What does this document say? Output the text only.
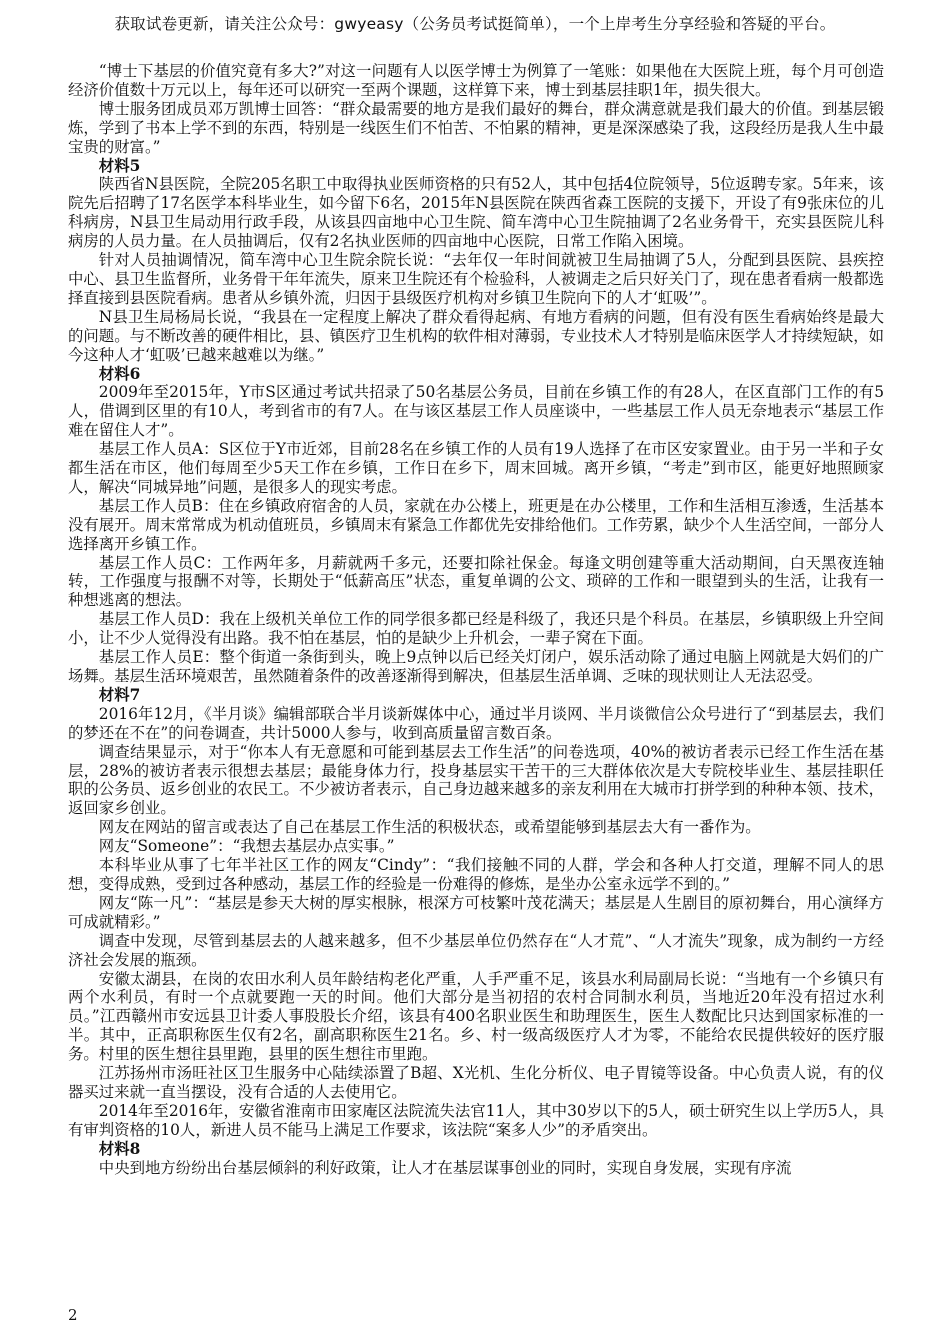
获取试卷更新，请关注公众号：gwyeasy（公务员考试挺简单），一个上岸考生分享经验和答疑的平台。

“博士下基层的价值究竟有多大?”对这一问题有人以医学博士为例算了一笔账：如果他在大医院上班，每个月可创造经济价值数十万元以上，每年还可以研究一至两个课题，这样算下来，博士到基层挂职1年，损失很大。

博士服务团成员邓万凯博士回答：“群众最需要的地方是我们最好的舞台，群众满意就是我们最大的价值。到基层锻炼，学到了书本上学不到的东西，特别是一线医生们不怕苦、不怕累的精神，更是深深感染了我，这段经历是我人生中最宝贵的财富。”

材料5

陕西省N县医院，全院205名职工中取得执业医师资格的只有52人，其中包括4位院领导，5位返聘专家。5年来，该院先后招聘了17名医学本科毕业生，如今留下6名，2015年N县医院在陕西省森工医院的支援下，开设了有9张床位的儿科病房，N县卫生局动用行政手段，从该县四亩地中心卫生院、简车湾中心卫生院抽调了2名业务骨干，充实县医院儿科病房的人员力量。在人员抽调后，仅有2名执业医师的四亩地中心医院，日常工作陷入困境。

针对人员抽调情况，简车湾中心卫生院余院长说：“去年仅一年时间就被卫生局抽调了5人，分配到县医院、县疾控中心、县卫生监督所，业务骨干年年流失，原来卫生院还有个检验科，人被调走之后只好关门了，现在患者看病一般都选择直接到县医院看病。患者从乡镇外流，归因于县级医疗机构对乡镇卫生院向下的人才‘虹吸’”。

N县卫生局杨局长说，“我县在一定程度上解决了群众看得起病、有地方看病的问题，但有没有医生看病始终是最大的问题。与不断改善的硬件相比，县、镇医疗卫生机构的软件相对薄弱，专业技术人才特别是临床医学人才持续短缺，如今这种人才‘虹吸’已越来越难以为继。”

材料6

2009年至2015年，Y市S区通过考试共招录了50名基层公务员，目前在乡镇工作的有28人，在区直部门工作的有5人，借调到区里的有10人，考到省市的有7人。在与该区基层工作人员座谈中，一些基层工作人员无奈地表示“基层工作难在留住人才”。

基层工作人员A：S区位于Y市近郊，目前28名在乡镇工作的人员有19人选择了在市区安家置业。由于另一半和子女都生活在市区，他们每周至少5天工作在乡镇，工作日在乡下，周末回城。离开乡镇，“考走”到市区，能更好地照顾家人，解决“同城异地”问题，是很多人的现实考虑。

基层工作人员B：住在乡镇政府宿舍的人员，家就在办公楼上，班更是在办公楼里，工作和生活相互渗透，生活基本没有展开。周末常常成为机动值班员，乡镇周末有紧急工作都优先安排给他们。工作劳累，缺少个人生活空间，一部分人选择离开乡镇工作。

基层工作人员C：工作两年多，月薪就两千多元，还要扣除社保金。每逢文明创建等重大活动期间，白天黑夜连轴转，工作强度与报酬不对等，长期处于“低薪高压”状态，重复单调的公文、琐碎的工作和一眼望到头的生活，让我有一种想逃离的想法。

基层工作人员D：我在上级机关单位工作的同学很多都已经是科级了，我还只是个科员。在基层，乡镇职级上升空间小，让不少人觉得没有出路。我不怕在基层，怕的是缺少上升机会，一辈子窝在下面。

基层工作人员E：整个街道一条街到头，晚上9点钟以后已经关灯闭户，娱乐活动除了通过电脑上网就是大妈们的广场舞。基层生活环境艰苦，虽然随着条件的改善逐渐得到解决，但基层生活单调、乏味的现状则让人无法忍受。

材料7

2016年12月，《半月谈》编辑部联合半月谈新媒体中心，通过半月谈网、半月谈微信公众号进行了“到基层去，我们的梦还在不在”的问卷调查，共计5000人参与，收到高质量留言数百条。

调查结果显示，对于“你本人有无意愿和可能到基层去工作生活”的问卷选项，40%的被访者表示已经工作生活在基层，28%的被访者表示很想去基层；最能身体力行，投身基层实干苦干的三大群体依次是大专院校毕业生、基层挂职任职的公务员、返乡创业的农民工。不少被访者表示，自己身边越来越多的亲友利用在大城市打拼学到的种种本领、技术，返回家乡创业。

网友在网站的留言或表达了自己在基层工作生活的积极状态，或希望能够到基层去大有一番作为。

网友“Someone”：“我想去基层办点实事。”

本科毕业从事了七年半社区工作的网友“Cindy”：“我们接触不同的人群，学会和各种人打交道，理解不同人的思想，变得成熟，受到过各种感动，基层工作的经验是一份难得的修炼，是坐办公室永远学不到的。”

网友“陈一凡”：“基层是参天大树的厚实根脉，根深方可枝繁叶茂花满天；基层是人生剧目的原初舞台，用心演绎方可成就精彩。”

调查中发现，尽管到基层去的人越来越多，但不少基层单位仍然存在“人才荒”、“人才流失”现象，成为制约一方经济社会发展的瓶颈。

安徽太湖县，在岗的农田水利人员年龄结构老化严重，人手严重不足，该县水利局副局长说：“当地有一个乡镇只有两个水利员，有时一个点就要跑一天的时间。他们大部分是当初招的农村合同制水利员，当地近20年没有招过水利员。”江西赣州市安远县卫计委人事股股长介绍，该县有400名职业医生和助理医生，医生人数配比只达到国家标准的一半。其中，正高职称医生仅有2名，副高职称医生21名。乡、村一级高级医疗人才为零，不能给农民提供较好的医疗服务。村里的医生想往县里跑，县里的医生想往市里跑。

江苏扬州市汤旺社区卫生服务中心陆续添置了B超、X光机、生化分析仪、电子胃镜等设备。中心负责人说，有的仪器买过来就一直当摆设，没有合适的人去使用它。

2014年至2016年，安徽省淮南市田家庵区法院流失法官11人，其中30岁以下的5人，硕士研究生以上学历5人，具有审判资格的10人，新进人员不能马上满足工作要求，该法院“案多人少”的矛盾突出。

材料8

中央到地方纷纷出台基层倾斜的利好政策，让人才在基层谋事创业的同时，实现自身发展，实现有序流

2
